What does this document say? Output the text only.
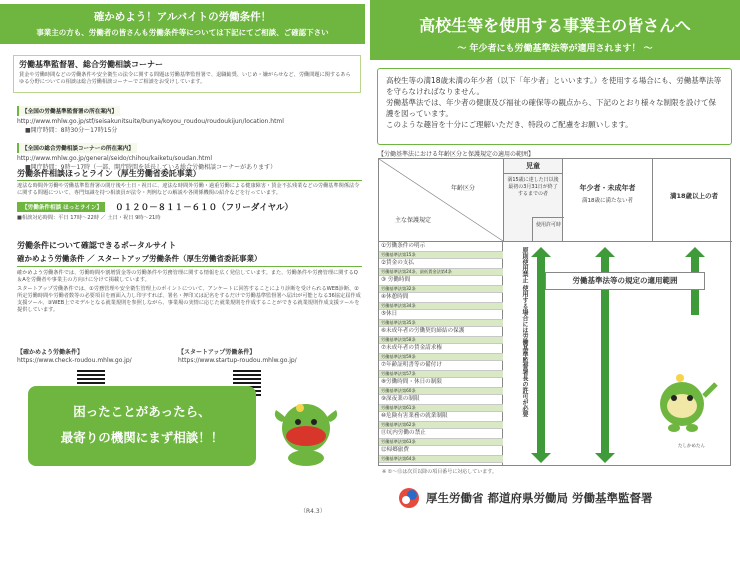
確かめよう！アルバイトの労働条件！
事業主の方も、労働者の皆さんも労働条件等については下記にてご相談、ご確認下さい
労働基準監督署、総合労働相談コーナー
賃金や労働時間などの労働条件や安全衛生の法令に関する問題は労働基準監督署で、退職勧奨、いじめ・嫌がらせなど、労働問題に関するあらゆる分野についての相談は総合労働相談コーナーでご相談をお受けしています。
【全国の労働基準監督署の所在案内】
http://www.mhlw.go.jp/stf/seisakunitsuite/bunya/koyou_roudou/roudoukijun/location.html
■開庁時間：8時30分～17時15分
【全国の総合労働相談コーナーの所在案内】
http://www.mhlw.go.jp/general/seido/chihou/kaiketu/soudan.html
■開庁時間：9時～17時（一部、開庁時間を延長している総合労働相談コーナーがあります）
労働条件相談ほっとライン（厚生労働省委託事業）
違法な時間外労働や労働基準監督署の閉庁後や土日・祝日に、違法な時間外労働・過重労働による健康障害・賃金不払残業などの労働基準関係法令に関する問題について、専門知識を持つ相談員が法令・判例などの解説や各関係機関の紹介などを行っています。
【労働条件相談 ほっとライン】	０１２０－８１１－６１０（フリーダイヤル）
■相談対応時間：平日 17時～22時 ／ 土日・祝日 9時～21時
労働条件について確認できるポータルサイト
確かめよう労働条件 ／ スタートアップ労働条件（厚生労働省委託事業）
確かめよう労働条件では、労働時間や割増賃金等の労働条件や労務管理に関する情報を広く発信しています。また、労働条件や労務管理に関するQ＆Aを労働者や事業主の方向けに分けて掲載しています。
スタートアップ労働条件では、①労務管理や安全衛生管理上のポイントについて、アンケートに回答することにより診断を受けられるWEB診断、②所定労働時間や労働者数等の必要項目を画面入力し印字すれば、署名・押印又は記名をするだけで労働基準監督署へ届出が可能となる36協定届作成支援ツール、③WEB上でモデルとなる就業規則を参照しながら、事業場の実情に応じた就業規則を作成することができる就業規則作成支援ツールを提供しています。
【確かめよう労働条件】
https://www.check-roudou.mhlw.go.jp/
【スタートアップ労働条件】
https://www.startup-roudou.mhlw.go.jp/
困ったことがあったら、
最寄りの機関にまず相談！！
（R4.3）
高校生等を使用する事業主の皆さんへ
～ 年少者にも労働基準法等が適用されます！ ～

高校生等の満18歳未満の年少者（以下「年少者」といいます。）を使用する場合にも、労働基準法等を守らなければなりません。

労働基準法では、年少者の健康及び福祉の確保等の観点から、下記のとおり様々な制限を設けて保護を図っています。

このような趣旨を十分にご理解いただき、特段のご配慮をお願いします。

【労働基準法における年齢区分と保護規定の適用の範囲】
年齢区分
主な保護規定
児童
満15歳に達した日以後最初の3月31日が終了するまでの者
使用許可時
年少者・未成年者
満18歳に満たない者
満18歳以上の者
①労働条件の明示
労働基準法第15条
②賃金の支払
労働基準法第24条、最低賃金法第4条
③ 労働時間
労働基準法第32条
④休憩時間
労働基準法第34条
⑤休日
労働基準法第35条
⑥未成年者の労働契約締結の保護
労働基準法第58条
⑦未成年者の賃金請求権
労働基準法第59条
⑦年齢証明書等の備付け
労働基準法第57条
⑧労働時間・休日の制限
労働基準法第60条
⑨深夜業の制限
労働基準法第61条
⑩危険有害業務の就業制限
労働基準法第62条
⑪坑内労働の禁止
労働基準法第63条
⑫帰郷旅費
労働基準法第64条
原則使用禁止 使用する場合には労働基準監督署長の許可が必要	労働基準法等の規定の適用範囲
※ ①～⑫は次頁以降の項目番号に対応しています。
たしかめたん
厚生労働省 都道府県労働局 労働基準監督署
